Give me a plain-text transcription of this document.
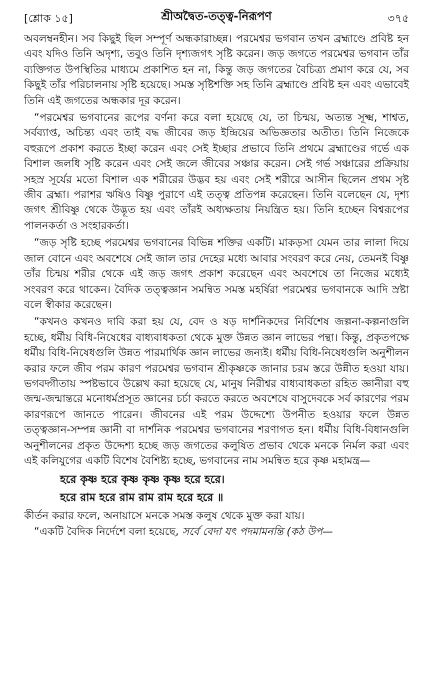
[শ্লোক ১৫]	শ্রীঅদ্বৈত-তত্ত্ব-নিরূপণ	৩৭৫

অবলম্বনহীন। সব কিছুই ছিল সম্পূর্ণ অন্ধকারাচ্ছন্ন। পরমেশ্বর ভগবান তখন ব্রহ্মাণ্ডে প্রবিষ্ট হন এবং যদিও তিনি অদৃশ্য, তবুও তিনি দৃশ্যজগৎ সৃষ্টি করেন। জড় জগতে পরমেশ্বর ভগবান তাঁর ব্যক্তিগত উপস্থিতির মাধ্যমে প্রকাশিত হন না, কিন্তু জড় জগতের বৈচিত্র্য প্রমাণ করে যে, সব কিছুই তাঁর পরিচালনায় সৃষ্টি হয়েছে। সমস্ত সৃষ্টিশক্তি সহ তিনি ব্রহ্মাণ্ডে প্রবিষ্ট হন এবং এভাবেই তিনি এই জগতের অন্ধকার দূর করেন।

“পরমেশ্বর ভগবানের রূপের বর্ণনা করে বলা হয়েছে যে, তা চিন্ময়, অত্যন্ত সূক্ষ্ম, শাশ্বত, সর্বব্যাপ্ত, অচিন্ত্য এবং তাই বদ্ধ জীবের জড় ইন্দ্রিয়ের অভিজ্ঞতার অতীত। তিনি নিজেকে বহুরূপে প্রকাশ করতে ইচ্ছা করেন এবং সেই ইচ্ছার প্রভাবে তিনি প্রথমে ব্রহ্মাণ্ডের গর্ভে এক বিশাল জলধি সৃষ্টি করেন এবং সেই জলে জীবের সঞ্চার করেন। সেই গর্ভ সঞ্চারের প্রক্রিয়ায় সহস্র সূর্যের মতো বিশাল এক শরীরের উদ্ভব হয় এবং সেই শরীরে আসীন ছিলেন প্রথম সৃষ্ট জীব ব্রহ্মা। পরাশর ঋষিও বিষ্ণু পুরাণে এই তত্ত্ব প্রতিপন্ন করেছেন। তিনি বলেছেন যে, দৃশ্য জগৎ শ্রীবিষ্ণু থেকে উদ্ভূত হয় এবং তাঁরই অধ্যক্ষতায় নিয়ন্ত্রিত হয়। তিনি হচ্ছেন বিশ্বরূপের পালনকর্তা ও সংহারকর্তা।

“জড় সৃষ্টি হচ্ছে পরমেশ্বর ভগবানের বিভিন্ন শক্তির একটি। মাকড়সা যেমন তার লালা দিয়ে জাল বোনে এবং অবশেষে সেই জাল তার দেহের মধ্যে আবার সংবরণ করে নেয়, তেমনই বিষ্ণু তাঁর চিন্ময় শরীর থেকে এই জড় জগৎ প্রকাশ করেছেন এবং অবশেষে তা নিজের মধ্যেই সংবরণ করে থাকেন। বৈদিক তত্ত্বজ্ঞান সমন্বিত সমস্ত মহর্ষিরা পরমেশ্বর ভগবানকে আদি স্রষ্টা বলে স্বীকার করেছেন।

“কখনও কখনও দাবি করা হয় যে, বেদ ও ষড় দার্শনিকদের নির্বিশেষ জল্পনা-কল্পনাগুলি হচ্ছে, ধর্মীয় বিধি-নিষেধের বাধ্যবাধকতা থেকে মুক্ত উন্নত জ্ঞান লাভের পন্থা। কিন্তু, প্রকৃতপক্ষে ধর্মীয় বিধি-নিষেধগুলি উন্নত পারমার্থিক জ্ঞান লাভের জন্যই। ধর্মীয় বিধি-নিষেধগুলি অনুশীলন করার ফলে জীব পরম কারণ পরমেশ্বর ভগবান শ্রীকৃষ্ণকে জানার চরম স্তরে উন্নীত হওয়া যায়। ভগবদ্গীতায় স্পষ্টভাবে উল্লেখ করা হয়েছে যে, মানুষ নিরীশ্বর বাধ্যবাধকতা রহিত জ্ঞানীরা বহু জন্ম-জন্মান্তরে মনোধর্মপ্রসূত জ্ঞানের চর্চা করতে করতে অবশেষে বাসুদেবকে সর্ব কারণের পরম কারণরূপে জানতে পারেন। জীবনের এই পরম উদ্দেশ্যে উপনীত হওয়ার ফলে উন্নত তত্ত্বজ্ঞান-সম্পন্ন জ্ঞানী বা দার্শনিক পরমেশ্বর ভগবানের শরণাগত হন। ধর্মীয় বিধি-বিধানগুলি অনুশীলনের প্রকৃত উদ্দেশ্য হচ্ছে জড় জগতের কলুষিত প্রভাব থেকে মনকে নির্মল করা এবং এই কলিযুগের একটি বিশেষ বৈশিষ্ট্য হচ্ছে, ভগবানের নাম সমন্বিত হরে কৃষ্ণ মহামন্ত্র—

হরে কৃষ্ণ হরে কৃষ্ণ কৃষ্ণ কৃষ্ণ হরে হরে।
হরে রাম হরে রাম রাম রাম হরে হরে ॥

কীর্তন করার ফলে, অনায়াসে মনকে সমস্ত কলুষ থেকে মুক্ত করা যায়।

“একটি বৈদিক নির্দেশে বলা হয়েছে, সর্বে বেদা যৎ পদমামনন্তি (কঠ উপ—
